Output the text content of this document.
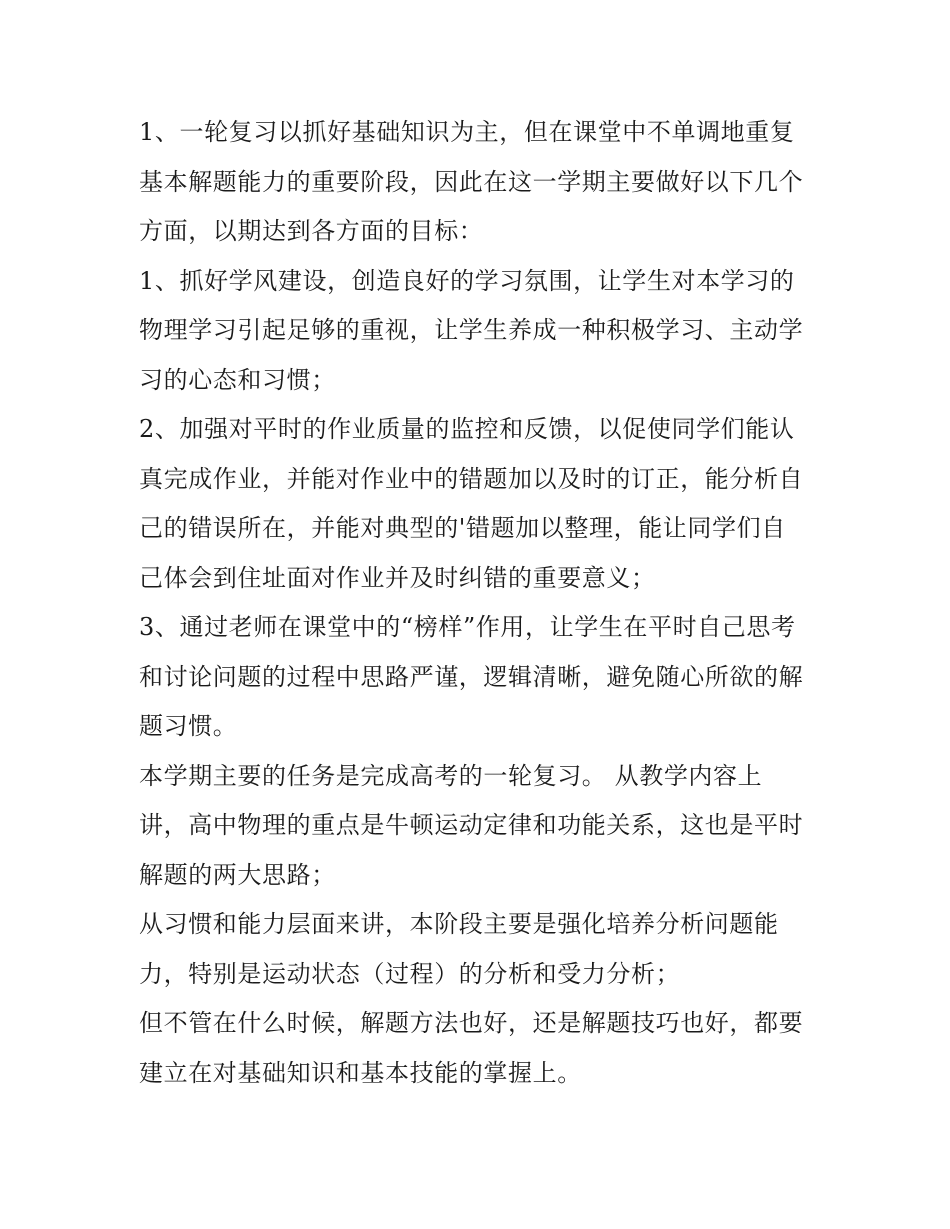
1、一轮复习以抓好基础知识为主，但在课堂中不单调地重复
基本解题能力的重要阶段，因此在这一学期主要做好以下几个
方面，以期达到各方面的目标：
1、抓好学风建设，创造良好的学习氛围，让学生对本学习的
物理学习引起足够的重视，让学生养成一种积极学习、主动学
习的心态和习惯；
2、加强对平时的作业质量的监控和反馈，以促使同学们能认
真完成作业，并能对作业中的错题加以及时的订正，能分析自
己的错误所在，并能对典型的'错题加以整理，能让同学们自
己体会到住址面对作业并及时纠错的重要意义；
3、通过老师在课堂中的“榜样”作用，让学生在平时自己思考
和讨论问题的过程中思路严谨，逻辑清晰，避免随心所欲的解
题习惯。
本学期主要的任务是完成高考的一轮复习。 从教学内容上
讲，高中物理的重点是牛顿运动定律和功能关系，这也是平时
解题的两大思路；
从习惯和能力层面来讲，本阶段主要是强化培养分析问题能
力，特别是运动状态（过程）的分析和受力分析；
但不管在什么时候，解题方法也好，还是解题技巧也好，都要
建立在对基础知识和基本技能的掌握上。
